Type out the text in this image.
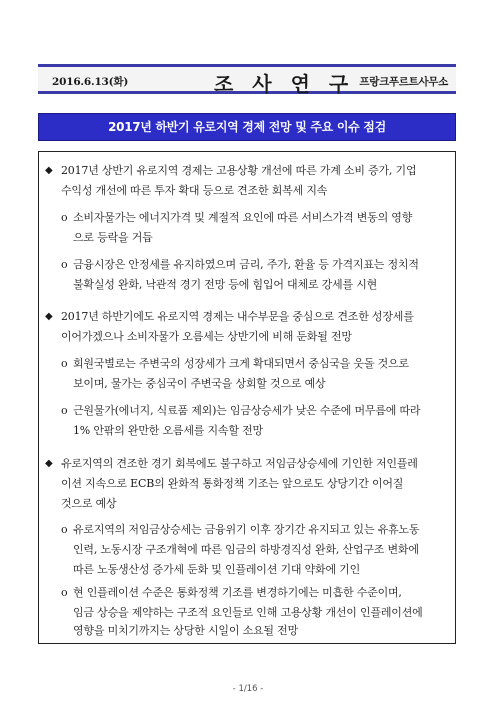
2016.6.13(화)	조 사 연 구 프랑크푸르트사무소
2017년 하반기 유로지역 경제 전망 및 주요 이슈 점검
◆ 2017년 상반기 유로지역 경제는 고용상황 개선에 따른 가계 소비 증가, 기업
수익성 개선에 따른 투자 확대 등으로 견조한 회복세 지속
o 소비자물가는 에너지가격 및 계절적 요인에 따른 서비스가격 변동의 영향
으로 등락을 거듭
o 금융시장은 안정세를 유지하였으며 금리, 주가, 환율 등 가격지표는 정치적
불확실성 완화, 낙관적 경기 전망 등에 힘입어 대체로 강세를 시현
◆ 2017년 하반기에도 유로지역 경제는 내수부문을 중심으로 견조한 성장세를
이어가겠으나 소비자물가 오름세는 상반기에 비해 둔화될 전망
o 회원국별로는 주변국의 성장세가 크게 확대되면서 중심국을 웃돌 것으로
보이며, 물가는 중심국이 주변국을 상회할 것으로 예상
o 근원물가(에너지, 식료품 제외)는 임금상승세가 낮은 수준에 머무름에 따라
1% 안팎의 완만한 오름세를 지속할 전망
◆ 유로지역의 견조한 경기 회복에도 불구하고 저임금상승세에 기인한 저인플레
이션 지속으로 ECB의 완화적 통화정책 기조는 앞으로도 상당기간 이어질
것으로 예상
o 유로지역의 저임금상승세는 금융위기 이후 장기간 유지되고 있는 유휴노동
인력, 노동시장 구조개혁에 따른 임금의 하방경직성 완화, 산업구조 변화에
따른 노동생산성 증가세 둔화 및 인플레이션 기대 약화에 기인
o 현 인플레이션 수준은 통화정책 기조를 변경하기에는 미흡한 수준이며,
임금 상승을 제약하는 구조적 요인들로 인해 고용상황 개선이 인플레이션에
영향을 미치기까지는 상당한 시일이 소요될 전망
- 1/16 -
